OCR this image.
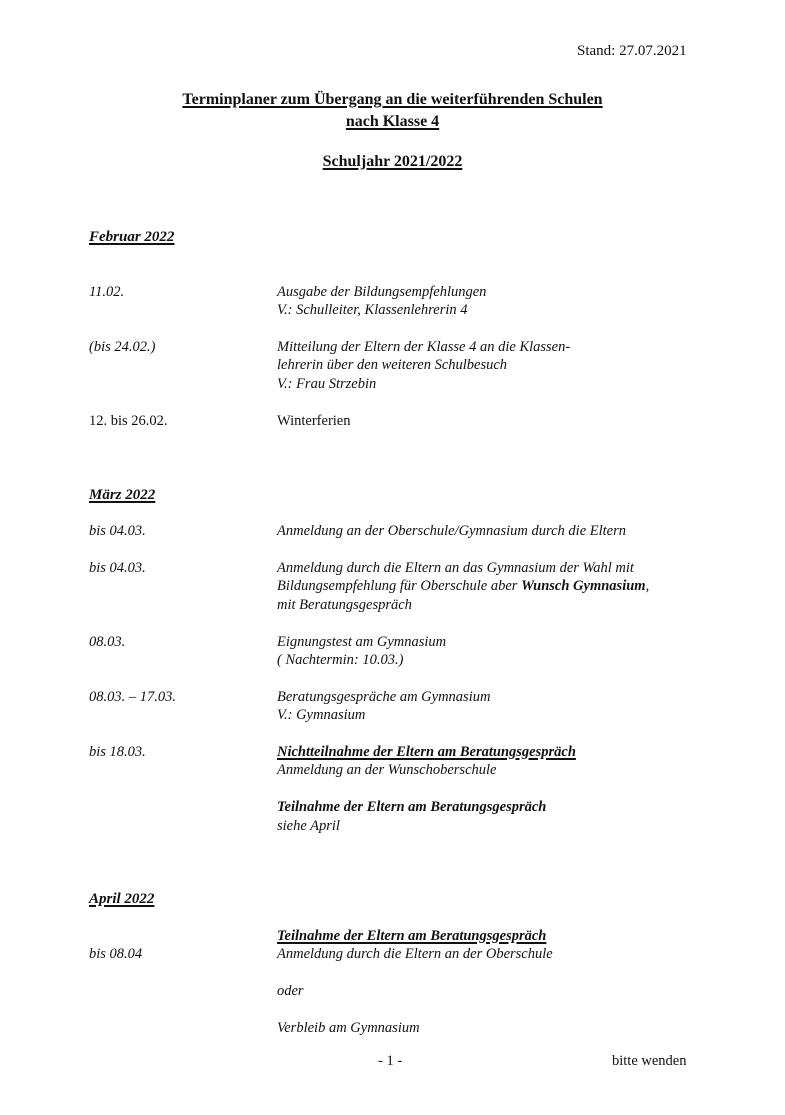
Stand: 27.07.2021
Terminplaner zum Übergang an die weiterführenden Schulen
nach Klasse 4
Schuljahr 2021/2022
Februar 2022
11.02.	Ausgabe der Bildungsempfehlungen
V.: Schulleiter, Klassenlehrerin 4
(bis 24.02.)	Mitteilung der Eltern der Klasse 4 an die Klassen-
lehrerin über den weiteren Schulbesuch
V.: Frau Strzebin
12. bis 26.02.	Winterferien
März 2022
bis 04.03.	Anmeldung an der Oberschule/Gymnasium durch die Eltern
bis 04.03.	Anmeldung durch die Eltern an das Gymnasium der Wahl mit
Bildungsempfehlung für Oberschule aber Wunsch Gymnasium,
mit Beratungsgespräch
08.03.	Eignungstest am Gymnasium
( Nachtermin: 10.03.)
08.03. – 17.03.	Beratungsgespräche am Gymnasium
V.: Gymnasium
bis 18.03.	Nichtteilnahme der Eltern am Beratungsgespräch
Anmeldung an der Wunschoberschule
Teilnahme der Eltern am Beratungsgespräch
siehe April
April 2022
Teilnahme der Eltern am Beratungsgespräch
bis 08.04	Anmeldung durch die Eltern an der Oberschule
oder
Verbleib am Gymnasium
- 1 -	bitte wenden
